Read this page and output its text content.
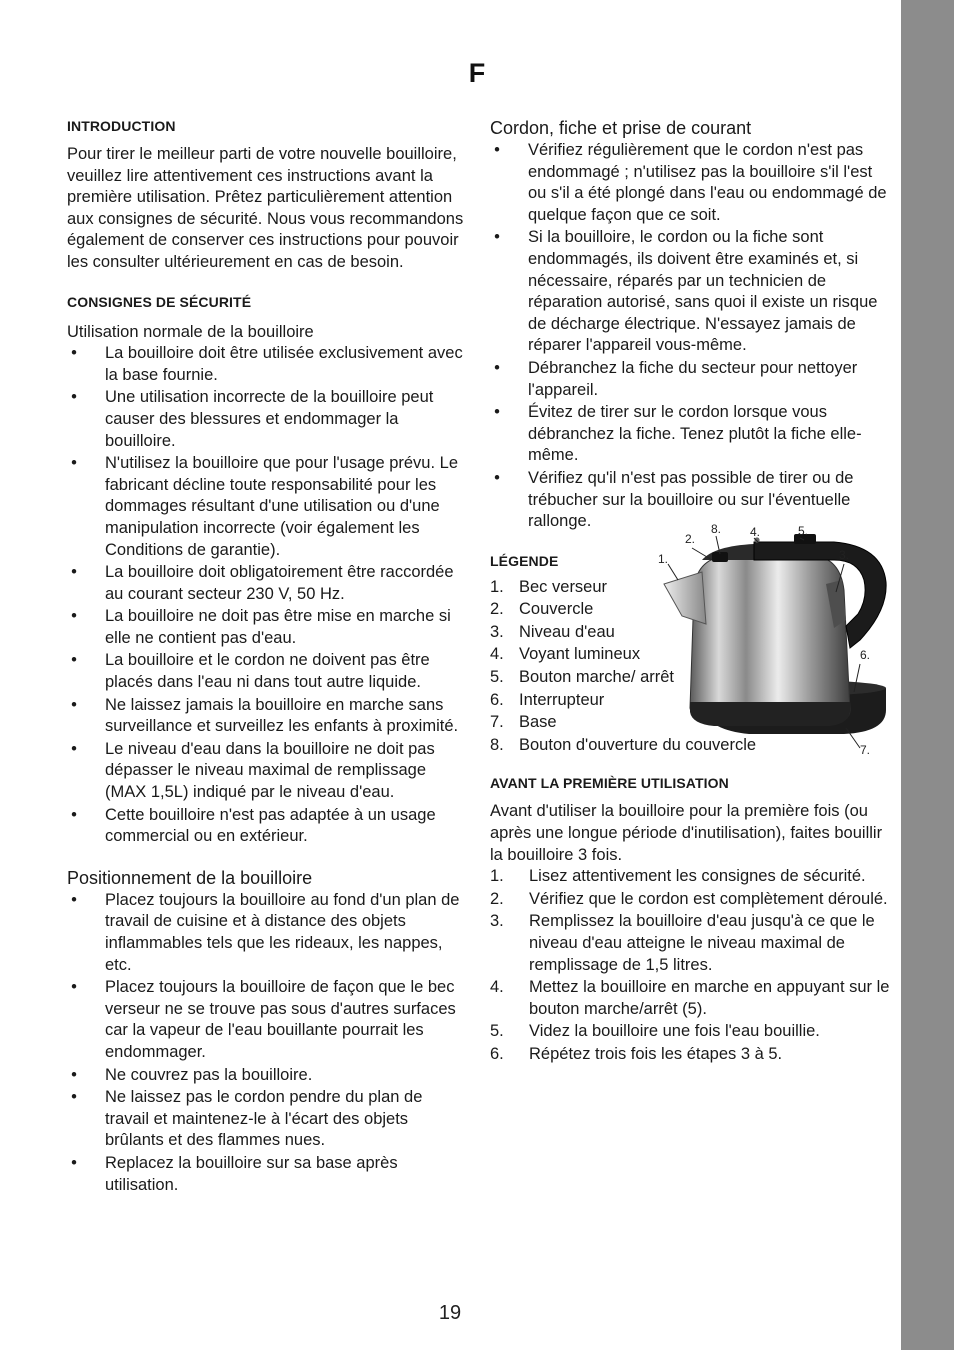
F
INTRODUCTION

Pour tirer le meilleur parti de votre nouvelle bouilloire, veuillez lire attentivement ces instructions avant la première utilisation. Prêtez particulièrement attention aux consignes de sécurité. Nous vous recommandons également de conserver ces instructions pour pouvoir les consulter ultérieurement en cas de besoin.

CONSIGNES DE SÉCURITÉ

Utilisation normale de la bouilloire

• La bouilloire doit être utilisée exclusivement avec la base fournie.
• Une utilisation incorrecte de la bouilloire peut causer des blessures et endommager la bouilloire.
• N'utilisez la bouilloire que pour l'usage prévu. Le fabricant décline toute responsabilité pour les dommages résultant d'une utilisation ou d'une manipulation incorrecte (voir également les Conditions de garantie).
• La bouilloire doit obligatoirement être raccordée au courant secteur 230 V, 50 Hz.
• La bouilloire ne doit pas être mise en marche si elle ne contient pas d'eau.
• La bouilloire et le cordon ne doivent pas être placés dans l'eau ni dans tout autre liquide.
• Ne laissez jamais la bouilloire en marche sans surveillance et surveillez les enfants à proximité.
• Le niveau d'eau dans la bouilloire ne doit pas dépasser le niveau maximal de remplissage (MAX 1,5L) indiqué par le niveau d'eau.
• Cette bouilloire n'est pas adaptée à un usage commercial ou en extérieur.
Positionnement de la bouilloire
• Placez toujours la bouilloire au fond d'un plan de travail de cuisine et à distance des objets inflammables tels que les rideaux, les nappes, etc.
• Placez toujours la bouilloire de façon que le bec verseur ne se trouve pas sous d'autres surfaces car la vapeur de l'eau bouillante pourrait les endommager.
• Ne couvrez pas la bouilloire.
• Ne laissez pas le cordon pendre du plan de travail et maintenez-le à l'écart des objets brûlants et des flammes nues.
• Replacez la bouilloire sur sa base après utilisation.
Cordon, fiche et prise de courant
• Vérifiez régulièrement que le cordon n'est pas endommagé ; n'utilisez pas la bouilloire s'il l'est ou s'il a été plongé dans l'eau ou endommagé de quelque façon que ce soit.
• Si la bouilloire, le cordon ou la fiche sont endommagés, ils doivent être examinés et, si nécessaire, réparés par un technicien de réparation autorisé, sans quoi il existe un risque de décharge électrique. N'essayez jamais de réparer l'appareil vous-même.
• Débranchez la fiche du secteur pour nettoyer l'appareil.
• Évitez de tirer sur le cordon lorsque vous débranchez la fiche. Tenez plutôt la fiche elle-même.
• Vérifiez qu'il n'est pas possible de tirer ou de trébucher sur la bouilloire ou sur l'éventuelle rallonge.
LÉGENDE
1. Bec verseur
2. Couvercle
3. Niveau d'eau
4. Voyant lumineux
5. Bouton marche/ arrêt
6. Interrupteur
7. Base
8. Bouton d'ouverture du couvercle
AVANT LA PREMIÈRE UTILISATION

Avant d'utiliser la bouilloire pour la première fois (ou après une longue période d'inutilisation), faites bouillir la bouilloire 3 fois.

1. Lisez attentivement les consignes de sécurité.
2. Vérifiez que le cordon est complètement déroulé.
3. Remplissez la bouilloire d'eau jusqu'à ce que le niveau d'eau atteigne le niveau maximal de remplissage de 1,5 litres.
4. Mettez la bouilloire en marche en appuyant sur le bouton marche/arrêt (5).
5. Videz la bouilloire une fois l'eau bouillie.
6. Répétez trois fois les étapes 3 à 5.
1.
2.
8. 4.	5.
3.
6.
7.
19
